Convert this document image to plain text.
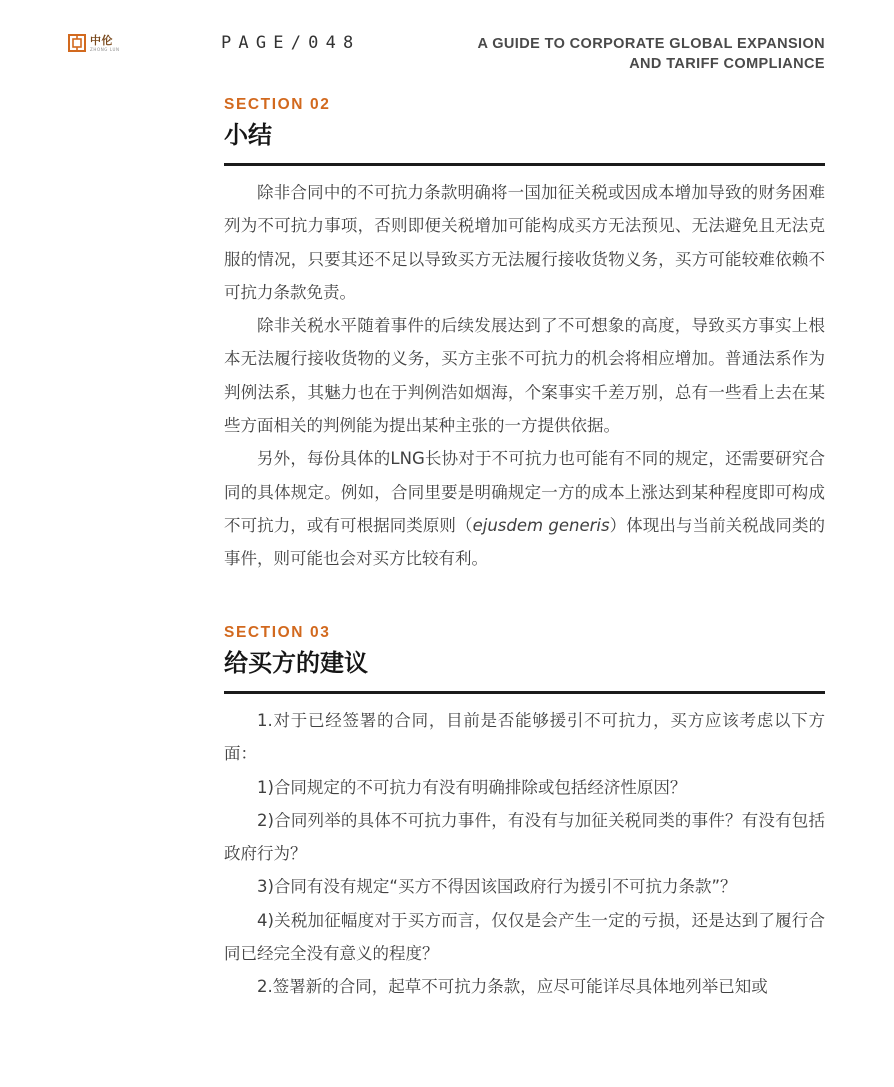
中伦
ZHONG LUN	PAGE/048	A GUIDE TO CORPORATE GLOBAL EXPANSION
AND TARIFF COMPLIANCE
SECTION 02
小结

除非合同中的不可抗力条款明确将一国加征关税或因成本增加导致的财务困难列为不可抗力事项，否则即便关税增加可能构成买方无法预见、无法避免且无法克服的情况，只要其还不足以导致买方无法履行接收货物义务，买方可能较难依赖不可抗力条款免责。

除非关税水平随着事件的后续发展达到了不可想象的高度，导致买方事实上根本无法履行接收货物的义务，买方主张不可抗力的机会将相应增加。普通法系作为判例法系，其魅力也在于判例浩如烟海，个案事实千差万别，总有一些看上去在某些方面相关的判例能为提出某种主张的一方提供依据。

另外，每份具体的LNG长协对于不可抗力也可能有不同的规定，还需要研究合同的具体规定。例如，合同里要是明确规定一方的成本上涨达到某种程度即可构成不可抗力，或有可根据同类原则（ejusdem generis）体现出与当前关税战同类的事件，则可能也会对买方比较有利。

SECTION 03
给买方的建议

1.对于已经签署的合同，目前是否能够援引不可抗力，买方应该考虑以下方面：

1)合同规定的不可抗力有没有明确排除或包括经济性原因？

2)合同列举的具体不可抗力事件，有没有与加征关税同类的事件？有没有包括政府行为？

3)合同有没有规定“买方不得因该国政府行为援引不可抗力条款”？

4)关税加征幅度对于买方而言，仅仅是会产生一定的亏损，还是达到了履行合同已经完全没有意义的程度？

2.签署新的合同，起草不可抗力条款，应尽可能详尽具体地列举已知或
